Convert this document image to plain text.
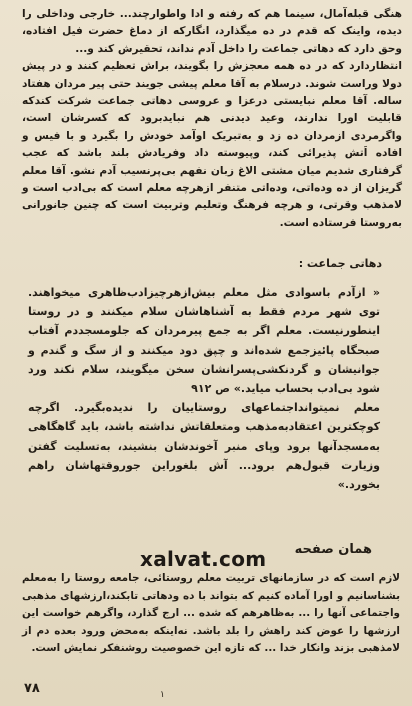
هنگی قبله‌آمال، سینما هم که رفته و ادا واطوارچند... خارجی وداخلی را دیده، واینک که قدم در ده میگذارد، انگارکه از دماغ حضرت فیل افتاده، وحق دارد که دهاتی جماعت را داخل آدم نداند، تحقیرش کند و...
انتظاردارد که در ده همه معجزش را بگویند، براش تعظیم کنند و در پیش دولا وراست شوند. درسلام به آقا معلم پیشی جویند حتی پیر مردان هفتاد ساله. آقا معلم نبایستی درعزا و عروسی دهاتی جماعت شرکت کندکه قابلیت اورا ندارند، وعید دیدنی هم نبایدبرود که کسرشان است، واگرمردی ازمردان ده زد و به‌تبریک اوآمد خودش را بگیرد و با فیس و افاده اَتش پذیرائی کند، وپیوسته داد وفریادش بلند باشد که عجب گرفتاری شدیم میان مشتی الاغ زبان نفهم بی‌پرنسیب آدم نشو. آقا معلم گریزان از ده وده‌اتی، وده‌اتی متنفر ازهرچه معلم است که بی‌ادب است و لامذهب وقرتی، و هرچه فرهنگ وتعلیم وتربیت است که چنین جانورانی به‌روستا فرستاده است.
دهاتی جماعت :
« ازآدم باسوادی مثل معلم بیش‌ازهرچیزادب‌ظاهری میخواهند. توی شهر مردم فقط به آشناهاشان سلام میکنند و در روستا اینطورنیست. معلم اگر به جمع پیرمردان که جلومسجددم آفتاب صبحگاه پائیزجمع شده‌اند و چپق دود میکنند و از سگ و گندم و جوانیشان و گردنکشی‌پسرانشان سخن میگویند، سلام نکند ورد شود بی‌ادب بحساب میاید.» ص ۹۱۲
معلم نمیتوانداجتماعهای روستاییان را ندیده‌بگیرد. اگرچه کوچکترین اعتقادبه‌مذهب ومتعلقاتش نداشته باشد، باید گاهگاهی به‌مسجدآنها برود وپای منبر آخوندشان بنشیند، به‌تسلیت گفتن وزیارت قبول‌هم برود... آش بلغوراین جوروقتهاشان راهم بخورد.»
همان صفحه
xalvat.com
لازم است که در سازمانهای تربیت معلم روستائی، جامعه روستا را به‌معلم بشناسانیم و اورا آماده کنیم که بتواند با ده ودهاتی تابکند،ارزشهای مذهبی واجتماعی آنها را ... به‌ظاهرهم که شده ... ارج گذارد، واگرهم خواست این ارزشها را عوض کند راهش را بلد باشد. نه‌اینکه به‌محض ورود بعده دم از لامذهبی بزند وانکار خدا ... که تازه این خصوصیت روشنفکر نمایش است.
۷۸	۱
